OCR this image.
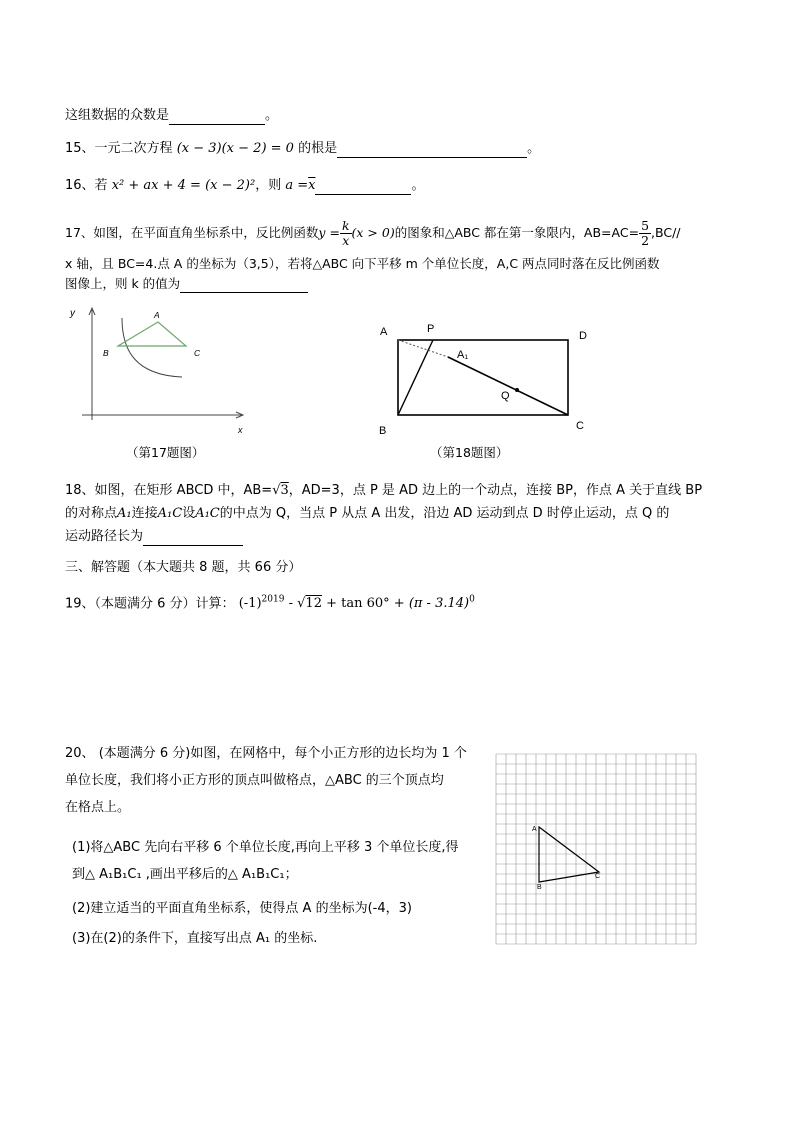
这组数据的众数是	。
15、一元二次方程 (x − 3)(x − 2) = 0 的根是	。
16、若 x² + ax + 4 = (x − 2)²，则 $a =\overline{x}$	。
17、如图，在平面直角坐标系中，反比例函数$y = \frac{k}{x} (x > 0)$的图象和△ABC 都在第一象限内，$AB=AC= \frac{5}{2} ,BC//$
x 轴，且 BC=4.点 A 的坐标为（3,5），若将△ABC 向下平移 m 个单位长度，A,C 两点同时落在反比例函数
图像上，则 k 的值为
y
x
A
B	C
（第17题图）
A	P
D
A₁
Q
B	C
（第18题图）
18、如图，在矩形 ABCD 中，AB=√3，AD=3，点 P 是 AD 边上的一个动点，连接 BP，作点 A 关于直线 BP
的对称点A₁连接A₁C设A₁C的中点为 Q，当点 P 从点 A 出发，沿边 AD 运动到点 D 时停止运动，点 Q 的
运动路径长为
三、解答题（本大题共 8 题，共 66 分）
19、（本题满分 6 分）计算： $(-1)^{2019} - √12 + \tan 60^\circ + (\pi - 3.14)^0$
20、 (本题满分 6 分)如图，在网格中，每个小正方形的边长均为 1 个
单位长度，我们将小正方形的顶点叫做格点，△ABC 的三个顶点均
在格点上。
(1)将△ABC 先向右平移 6 个单位长度,再向上平移 3 个单位长度,得
到△ A₁B₁C₁ ,画出平移后的△ A₁B₁C₁；
(2)建立适当的平面直角坐标系，使得点 A 的坐标为(-4，3)
(3)在(2)的条件下，直接写出点 A₁ 的坐标.
A
B
C
